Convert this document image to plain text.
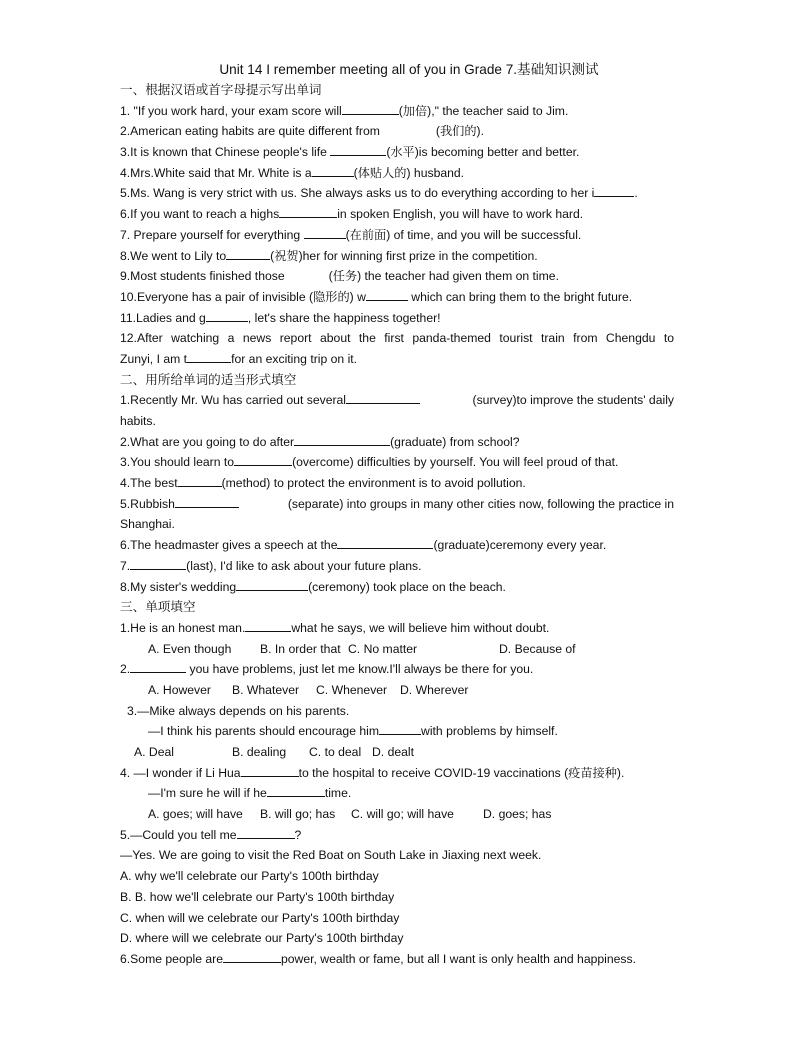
Unit 14 I remember meeting all of you in Grade 7.基础知识测试
一、根据汉语或首字母提示写出单词
1. "If you work hard, your exam score will	(加倍)," the teacher said to Jim.
2.American eating habits are quite different from	(我们的).
3.It is known that Chinese people's life	(水平)is becoming better and better.
4.Mrs.White said that Mr. White is a	(体贴人的) husband.
5.Ms. Wang is very strict with us. She always asks us to do everything according to her i	.
6.If you want to reach a highs	in spoken English, you will have to work hard.
7. Prepare yourself for everything	(在前面) of time, and you will be successful.
8.We went to Lily to	(祝贺)her for winning first prize in the competition.
9.Most students finished those	(任务) the teacher had given them on time.
10.Everyone has a pair of invisible (隐形的) w	which can bring them to the bright future.
11.Ladies and g	, let's share the happiness together!
12.After watching a news report about the first panda-themed tourist train from Chengdu to
Zunyi, I am t	for an exciting trip on it.
二、用所给单词的适当形式填空
1.Recently Mr. Wu has carried out several	(survey)to improve the students' daily
habits.
2.What are you going to do after	(graduate) from school?
3.You should learn to	(overcome) difficulties by yourself. You will feel proud of that.
4.The best	(method) to protect the environment is to avoid pollution.
5.Rubbish	(separate) into groups in many other cities now, following the practice in
Shanghai.
6.The headmaster gives a speech at the	(graduate)ceremony every year.
7.	(last), I'd like to ask about your future plans.
8.My sister's wedding	(ceremony) took place on the beach.
三、单项填空
1.He is an honest man.	what he says, we will believe him without doubt.
A. Even though B. In order that C. No matter	D. Because of
2.	you have problems, just let me know.I'll always be there for you.
A. However B. Whatever C. Whenever D. Wherever
3.—Mike always depends on his parents.
—I think his parents should encourage him	with problems by himself.
A. Deal	B. dealing C. to deal D. dealt
4. —I wonder if Li Hua	to the hospital to receive COVID-19 vaccinations (疫苗接种).
—I'm sure he will if he	time.
A. goes; will have B. will go; has C. will go; will have D. goes; has
5.—Could you tell me	?
—Yes. We are going to visit the Red Boat on South Lake in Jiaxing next week.
A. why we'll celebrate our Party's 100th birthday
B. B. how we'll celebrate our Party's 100th birthday
C. when will we celebrate our Party's 100th birthday
D. where will we celebrate our Party's 100th birthday
6.Some people are	power, wealth or fame, but all I want is only health and happiness.
